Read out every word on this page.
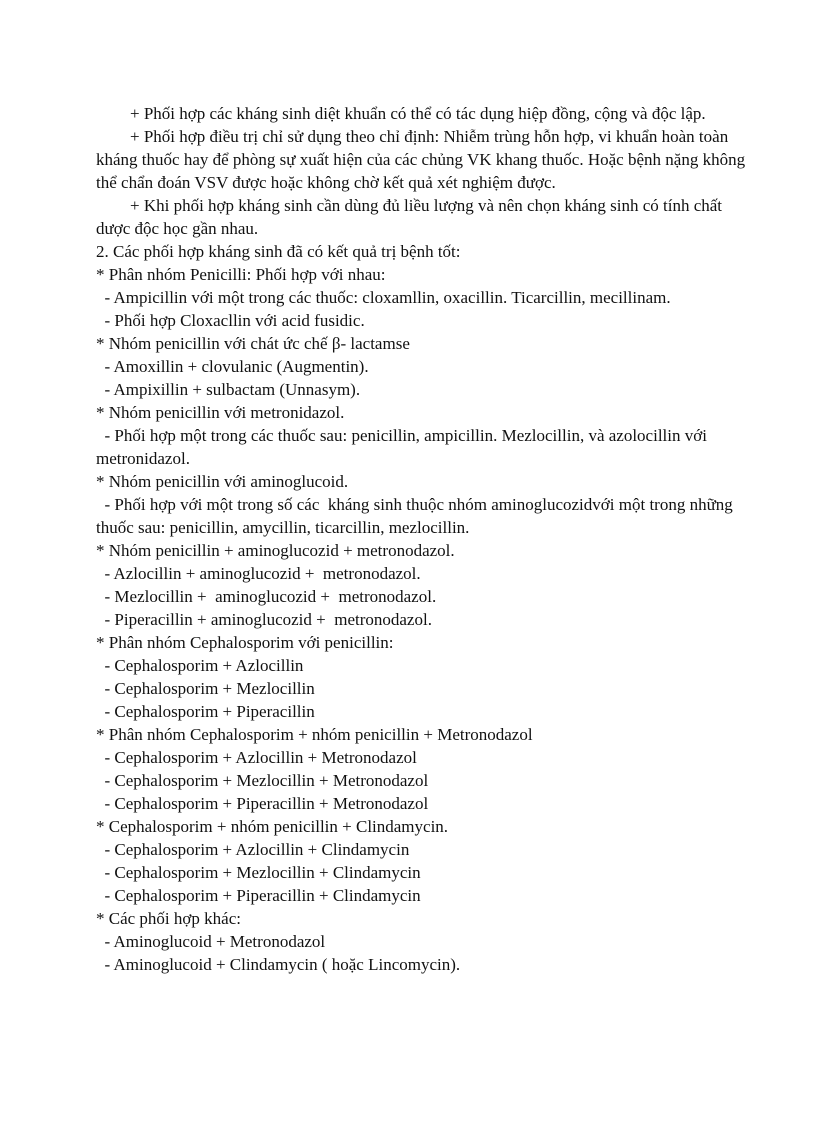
+ Phối hợp các kháng sinh diệt khuẩn có thể có tác dụng hiệp đồng, cộng và độc lập.

+ Phối hợp điều trị chỉ sử dụng theo chỉ định: Nhiễm trùng hỗn hợp, vi khuẩn hoàn toàn kháng thuốc hay để phòng sự xuất hiện của các chủng VK khang thuốc. Hoặc bệnh nặng không thể chẩn đoán VSV được hoặc không chờ kết quả xét nghiệm được.

+ Khi phối hợp kháng sinh cần dùng đủ liều lượng và nên chọn kháng sinh có tính chất dược độc học gần nhau.

2. Các phối hợp kháng sinh đã có kết quả trị bệnh tốt:

* Phân nhóm Penicilli: Phối hợp với nhau:

- Ampicillin với một trong các thuốc: cloxamllin, oxacillin. Ticarcillin, mecillinam.

- Phối hợp Cloxacllin với acid fusidic.

* Nhóm penicillin với chát ức chế β- lactamse

- Amoxillin + clovulanic (Augmentin).

- Ampixillin + sulbactam (Unnasym).

* Nhóm penicillin với metronidazol.

- Phối hợp một trong các thuốc sau: penicillin, ampicillin. Mezlocillin, và azolocillin với metronidazol.

* Nhóm penicillin với aminoglucoid.

- Phối hợp với một trong số các  kháng sinh thuộc nhóm aminoglucozidvới một trong những thuốc sau: penicillin, amycillin, ticarcillin, mezlocillin.

* Nhóm penicillin + aminoglucozid + metronodazol.

- Azlocillin + aminoglucozid +  metronodazol.

- Mezlocillin +  aminoglucozid +  metronodazol.

- Piperacillin + aminoglucozid +  metronodazol.

* Phân nhóm Cephalosporim với penicillin:

- Cephalosporim + Azlocillin

- Cephalosporim + Mezlocillin

- Cephalosporim + Piperacillin

* Phân nhóm Cephalosporim + nhóm penicillin + Metronodazol

- Cephalosporim + Azlocillin + Metronodazol

- Cephalosporim + Mezlocillin + Metronodazol

- Cephalosporim + Piperacillin + Metronodazol

* Cephalosporim + nhóm penicillin + Clindamycin.

- Cephalosporim + Azlocillin + Clindamycin

- Cephalosporim + Mezlocillin + Clindamycin

- Cephalosporim + Piperacillin + Clindamycin

* Các phối hợp khác:

- Aminoglucoid + Metronodazol

- Aminoglucoid + Clindamycin ( hoặc Lincomycin).
